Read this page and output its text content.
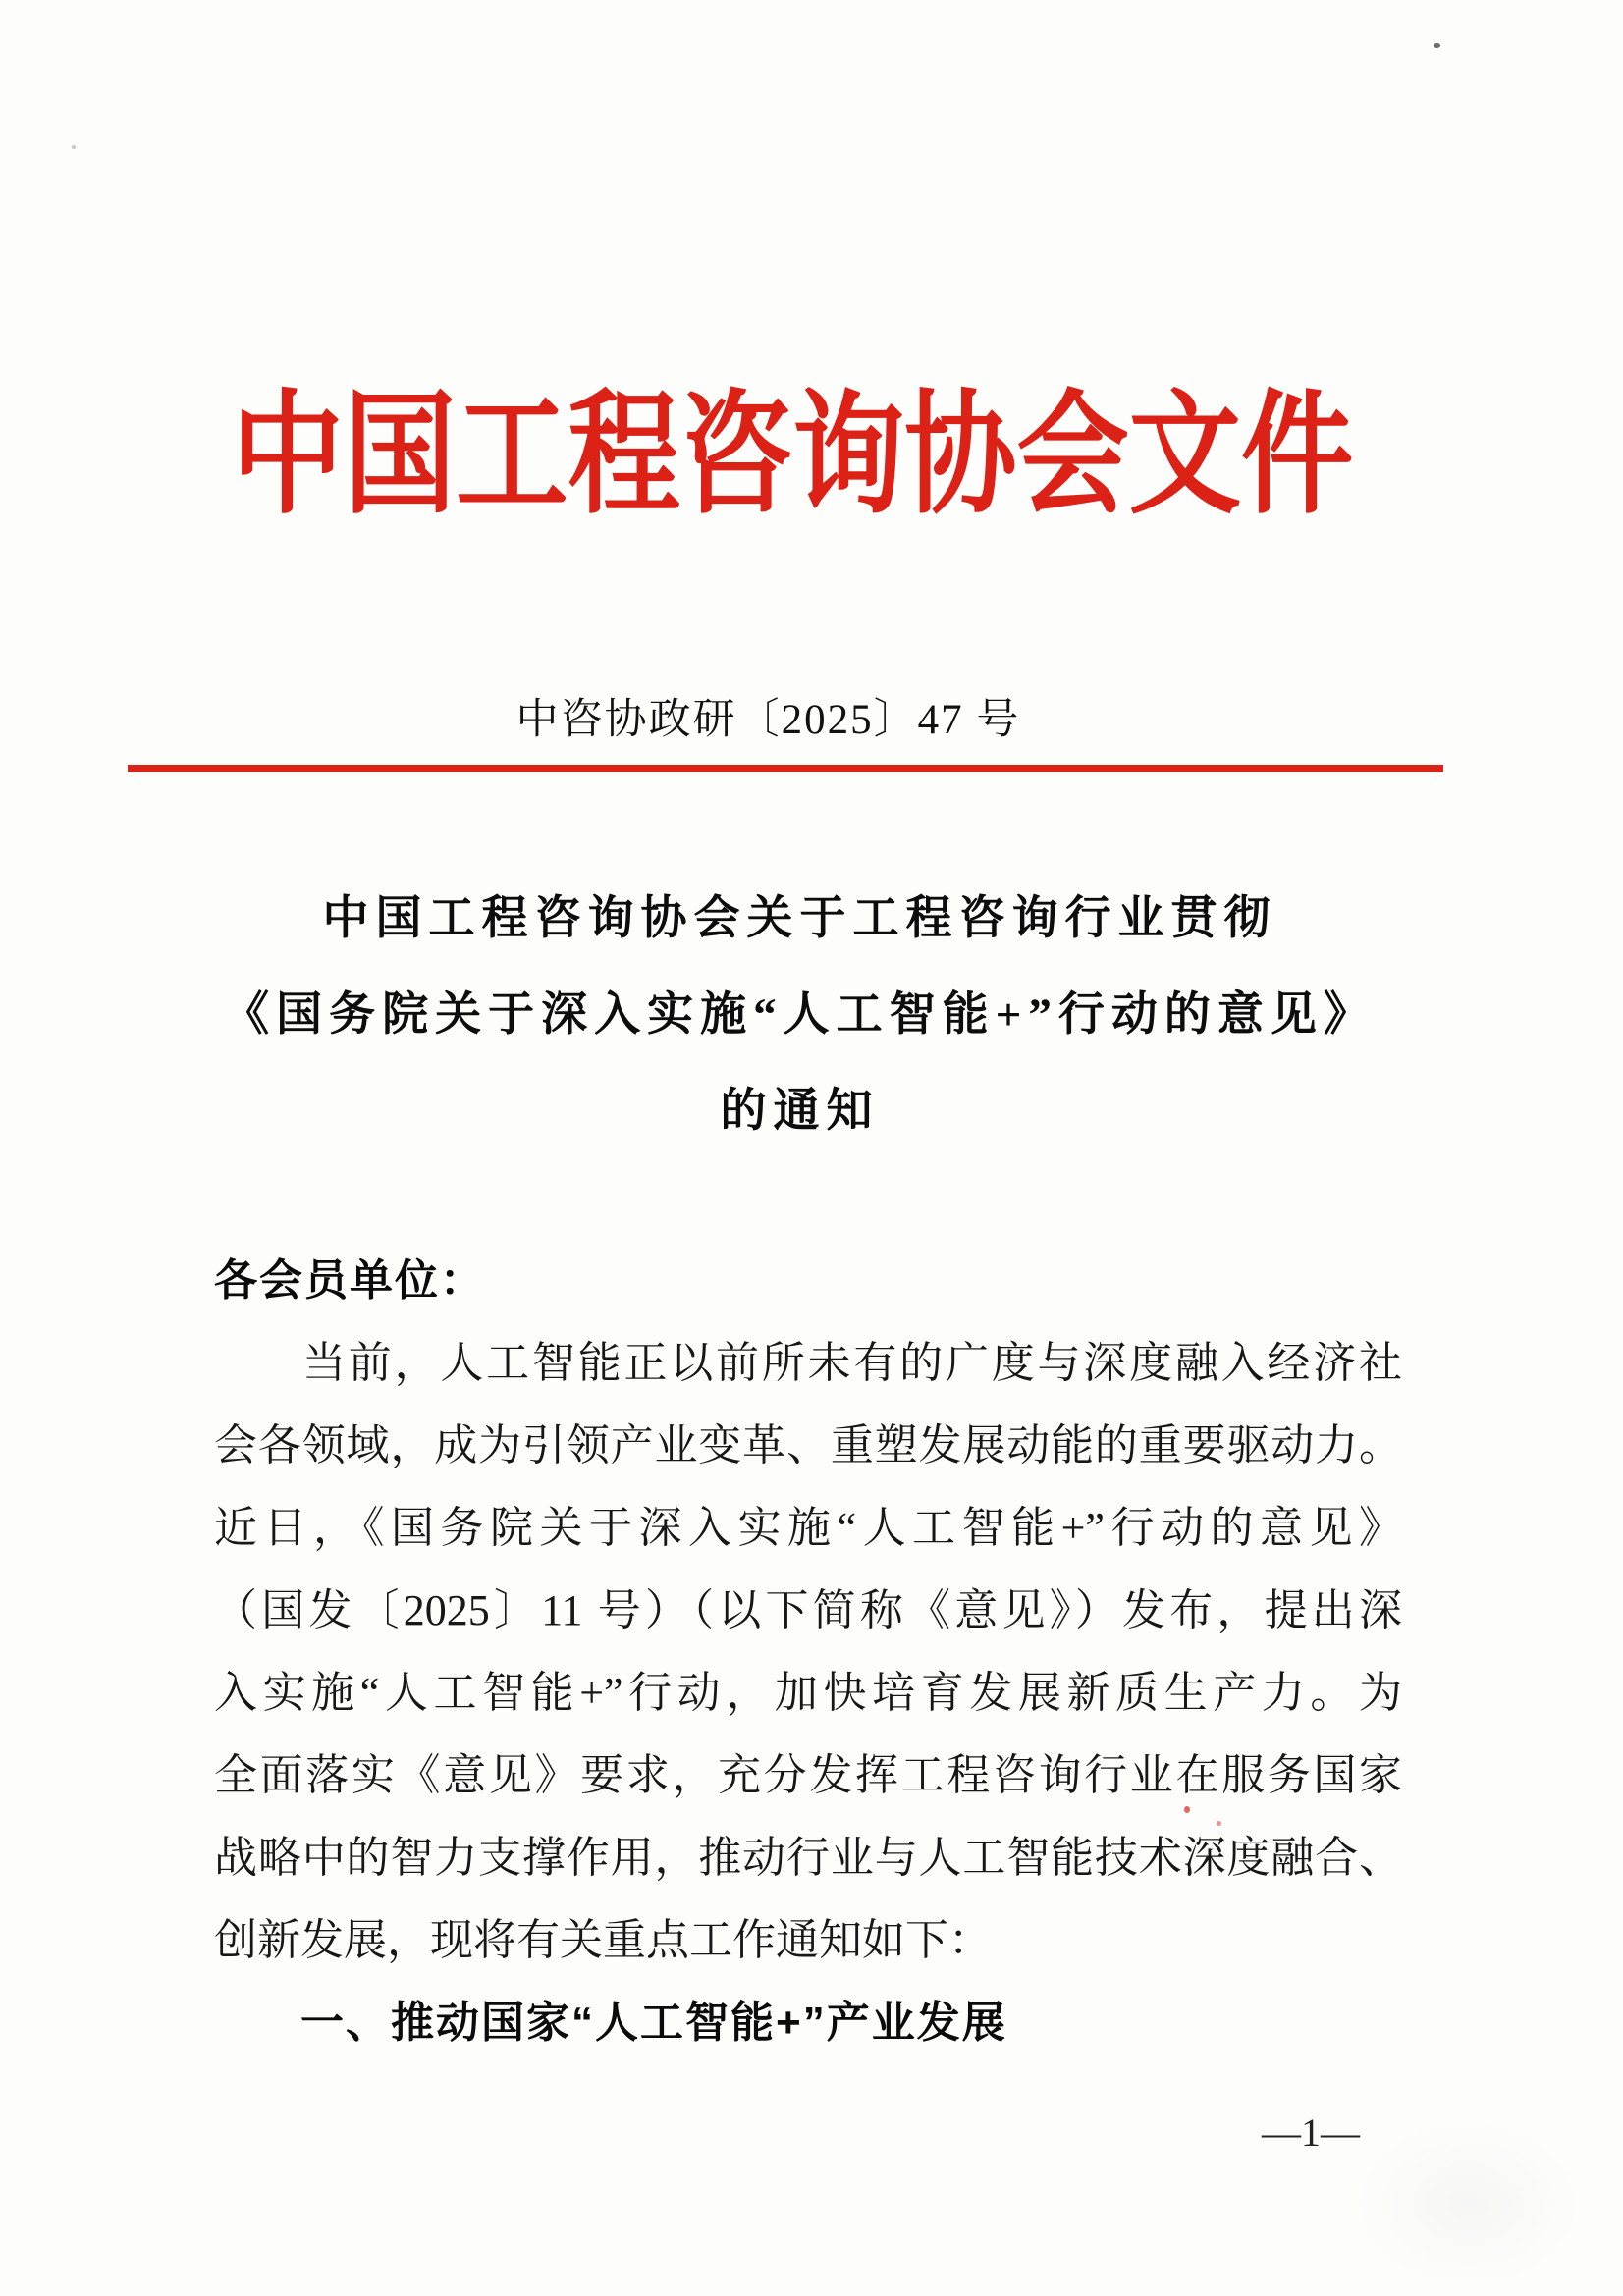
中国工程咨询协会文件
中咨协政研〔2025〕47 号
中国工程咨询协会关于工程咨询行业贯彻
《国务院关于深入实施“人工智能+”行动的意见》
的通知

各会员单位：

当前，人工智能正以前所未有的广度与深度融入经济社

会各领域，成为引领产业变革、重塑发展动能的重要驱动力。

近日，《国务院关于深入实施“人工智能+”行动的意见》

（国发〔2025〕11 号）（以下简称《意见》）发布，提出深

入实施“人工智能+”行动，加快培育发展新质生产力。为

全面落实《意见》要求，充分发挥工程咨询行业在服务国家

战略中的智力支撑作用，推动行业与人工智能技术深度融合、

创新发展，现将有关重点工作通知如下：

一、推动国家“人工智能+”产业发展

—1—
